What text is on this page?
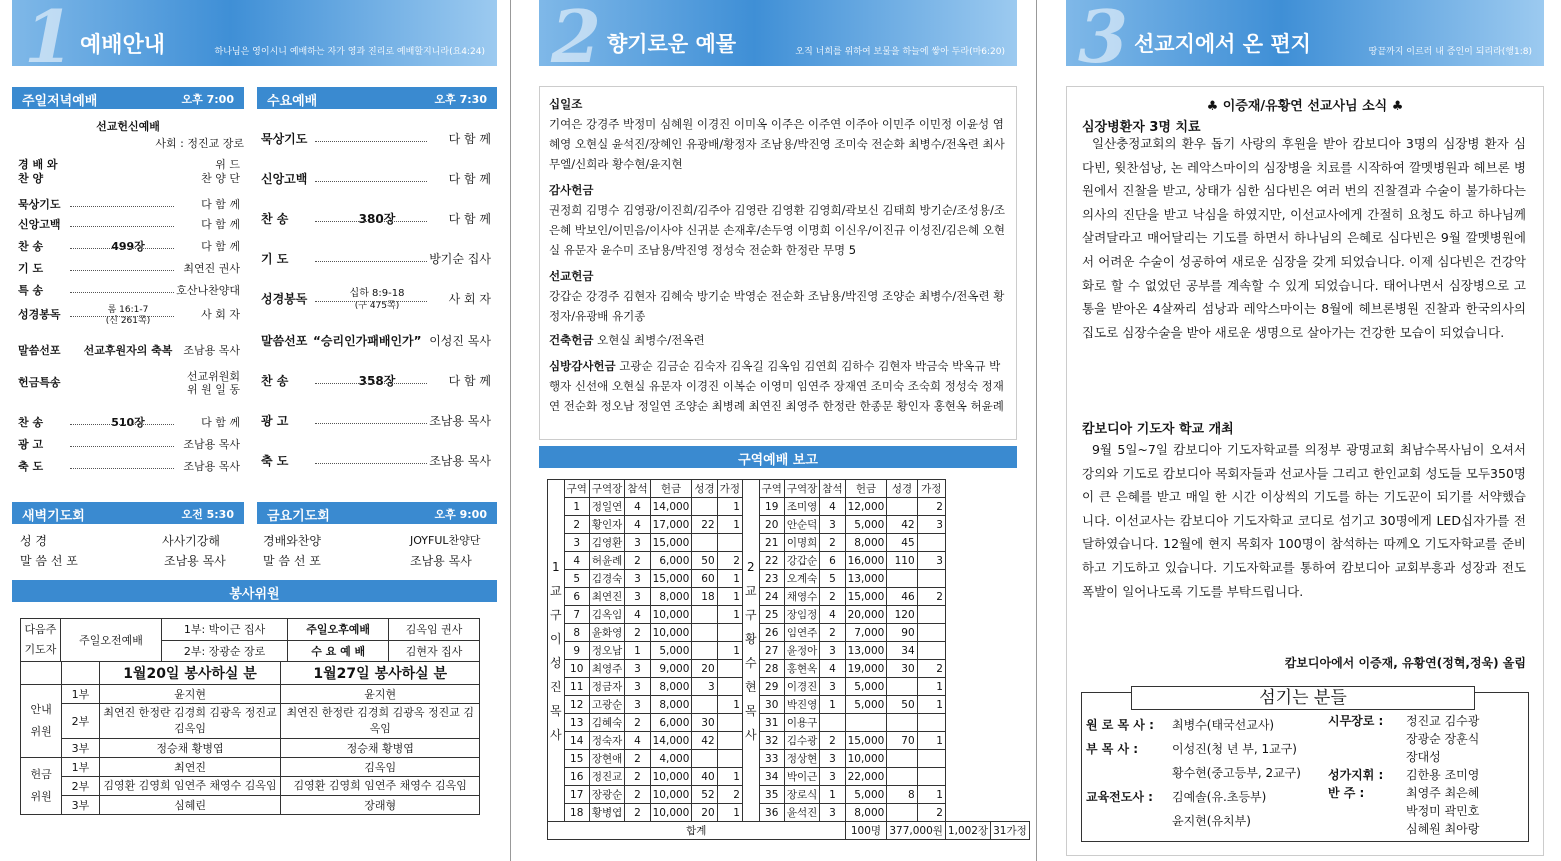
1 예배안내	하나님은 영이시니 예배하는 자가 영과 진리로 예배할지니라(요4:24)
주일저녁예배	오후 7:00
선교헌신예배
사회 : 정진교 장로
경 배 와	위 드
찬 양	찬 양 단
묵상기도	다 함 께
신앙고백	다 함 께
찬 송	499장	다 함 께
기 도	최연진 권사
특 송	호산나찬양대
성경봉독	롬 16:1-7
(신 261쪽)	사 회 자
말씀선포	선교후원자의 축복 조남용 목사
헌금특송	선교위원회
위 원 일 동
찬 송	510장	다 함 께
광 고	조남용 목사
축 도	조남용 목사
수요예배	오후 7:30
묵상기도	다 함 께
신앙고백	다 함 께
찬 송	380장	다 함 께
기 도	방기순 집사
성경봉독	십하 8:9-18
(구 475쪽)	사 회 자
말씀선포 “승리인가패배인가” 이성진 목사
찬 송	358장	다 함 께
광 고	조남용 목사
축 도	조남용 목사
새벽기도회	오전 5:30
성 경	사사기강해
말 씀 선 포	조남용 목사
금요기도회	오후 9:00
경배와찬양	JOYFUL찬양단
말 씀 선 포	조남용 목사
봉사위원
다음주 기도자	주일오전예배	1부: 박이근 집사	주일오후예배	김옥임 권사
		2부: 장광순 장로	수 요 예 배	김현자 집사
		1월20일 봉사하실 분	1월27일 봉사하실 분
안내 위원	1부	윤지현	윤지현
	2부	최연진 한정란 김경희 김광옥 정진교 김옥임	최연진 한정란 김경희 김광옥 정진교 김옥임
	3부	정승채 황병엽	정승채 황병엽
헌금 위원	1부	최연진	김옥임
	2부	김영환 김영희 임연주 채영수 김옥임	김영환 김영희 임연주 채영수 김옥임
	3부	심혜린	장래형
2 향기로운 예물	오직 너희를 위하여 보물을 하늘에 쌓아 두라(마6:20)
십일조
기여은 강경주 박정미 심혜원 이경진 이미옥 이주은 이주연 이주아 이민주 이민정 이윤성 염혜영 오현실 윤석진/장혜인 유광배/황정자 조남용/박진영 조미숙 전순화 최병수/전옥련 최사무엘/신희라 황수현/윤지현
감사헌금
권정희 김명수 김영광/이진희/김주아 김영란 김영환 김영희/곽보신 김태희 방기순/조성용/조은혜 박보인/이민음/이사야 신귀분 손재후/손두영 이명희 이신우/이진규 이성진/김은혜 오현실 유문자 윤수미 조남용/박진영 정성숙 전순화 한정란 무명 5
선교헌금
강갑순 강경주 김현자 김혜숙 방기순 박영순 전순화 조남용/박진영 조양순 최병수/전옥련 황정자/유광배 유기종
건축헌금 오현실 최병수/전옥련
심방감사헌금 고광순 김금순 김숙자 김옥길 김옥임 김연희 김하수 김현자 박금숙 박옥규 박행자 신선애 오현실 유문자 이경진 이복순 이영미 임연주 장재연 조미숙 조숙희 정성숙 정재연 전순화 정오남 정일연 조양순 최병례 최연진 최영주 한정란 한종문 황인자 홍현옥 허윤례
구역예배 보고
1교구 이성진 목사	구역	구역장	참석	헌금	성경	가정	2교구 황수현 목사	구역	구역장	참석	헌금	성경	가정		
	1	정일연	4	14,000		1		19	조미영	4	12,000		2		
	2	황인자	4	17,000	22	1		20	안순덕	3	5,000	42	3		
	3	김영환	3	15,000				21	이명희	2	8,000	45			
	4	허윤례	2	6,000	50	2		22	강갑순	6	16,000	110	3		
	5	김경숙	3	15,000	60	1		23	오계숙	5	13,000				
	6	최연진	3	8,000	18	1		24	채영수	2	15,000	46	2		
	7	김옥임	4	10,000		1		25	장임정	4	20,000	120			
	8	윤화영	2	10,000				26	임연주	2	7,000	90			
	9	정오남	1	5,000		1		27	윤정아	3	13,000	34			
	10	최영주	3	9,000	20			28	홍현옥	4	19,000	30	2		
	11	정금자	3	8,000	3			29	이경진	3	5,000		1		
	12	고광순	3	8,000		1		30	박진영	1	5,000	50	1		
	13	김혜숙	2	6,000	30			31	이용구						
	14	정숙자	4	14,000	42			32	김수광	2	15,000	70	1		
	15	장현애	2	4,000				33	정상현	3	10,000				
	16	정진교	2	10,000	40	1		34	박이근	3	22,000				
	17	장광순	2	10,000	52	2		35	장로식	1	5,000	8	1		
	18	황병엽	2	10,000	20	1		36	윤석진	3	8,000		2		
합계											100명	377,000원		1,002장	31가정
3 선교지에서 온 편지	땅끝까지 이르러 내 증인이 되리라(행1:8)
♣ 이증재/유황연 선교사님 소식 ♣
심장병환자 3명 치료
일산충정교회의 환우 돕기 사랑의 후원을 받아 캄보디아 3명의 심장병 환자 심다빈, 윗찬섬낭, 논 레악스마이의 심장병을 치료를 시작하여 깔멧병원과 헤브론 병원에서 진찰을 받고, 상태가 심한 심다빈은 여러 번의 진찰결과 수술이 불가하다는 의사의 진단을 받고 낙심을 하였지만, 이선교사에게 간절히 요청도 하고 하나님께 살려달라고 매어달리는 기도를 하면서 하나님의 은혜로 심다빈은 9월 깔멧병원에서 어려운 수술이 성공하여 새로운 심장을 갖게 되었습니다. 이제 심다빈은 건강악화로 할 수 없었던 공부를 계속할 수 있게 되었습니다. 태어나면서 심장병으로 고통을 받아온 4살짜리 섬낭과 레악스마이는 8월에 헤브론병원 진찰과 한국의사의 집도로 심장수술을 받아 새로운 생명으로 살아가는 건강한 모습이 되었습니다.
캄보디아 기도자 학교 개최
9월 5일~7일 캄보디아 기도자학교를 의정부 광명교회 최남수목사님이 오셔서 강의와 기도로 캄보디아 목회자들과 선교사들 그리고 한인교회 성도들 모두350명이 큰 은혜를 받고 매일 한 시간 이상씩의 기도를 하는 기도꾼이 되기를 서약했습니다. 이선교사는 캄보디아 기도자학교 코디로 섬기고 30명에게 LED십자가를 전달하였습니다. 12월에 현지 목회자 100명이 참석하는 따께오 기도자학교를 준비하고 기도하고 있습니다. 기도자학교를 통하여 캄보디아 교회부흥과 성장과 전도 폭발이 일어나도록 기도를 부탁드립니다.
캄보디아에서 이증재, 유황연(정혁,정욱) 올림
섬기는 분들
원 로 목 사 : 최병수(태국선교사)
부 목 사 :	이성진(청 년 부, 1교구)
황수현(중고등부, 2교구)
교육전도사 : 김예솔(유.초등부)
윤지현(유치부)
시무장로 : 정진교 김수광
장광순 장훈식
장대성
성가지휘 : 김한용 조미영
반 주 :	최영주 최은혜
박정미 곽민호
심혜원 최아랑
